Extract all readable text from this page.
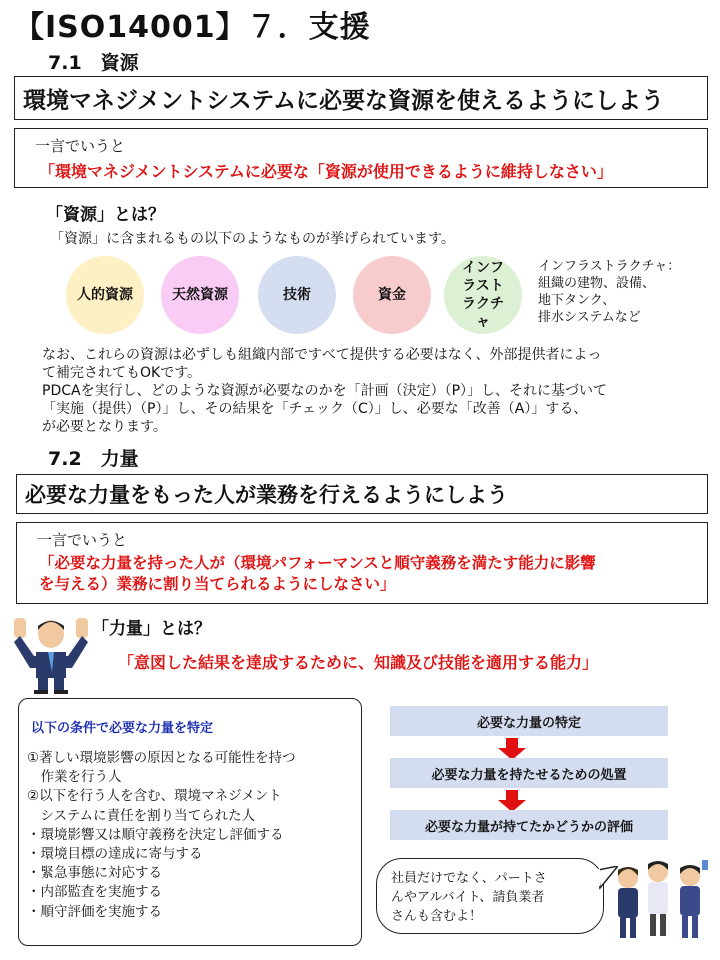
【ISO14001】７．支援
7.1　資源
環境マネジメントシステムに必要な資源を使えるようにしよう
一言でいうと
「環境マネジメントシステムに必要な「資源が使用できるように維持しなさい」
「資源」とは？
「資源」に含まれるもの以下のようなものが挙げられています。
人的資源	天然資源	技術	資金
インフラストラクチャ
インフラストラクチャ：
組織の建物、設備、
地下タンク、
排水システムなど
なお、これらの資源は必ずしも組織内部ですべて提供する必要はなく、外部提供者によっ
て補完されてもOKです。
PDCAを実行し、どのような資源が必要なのかを「計画（決定）（P）」し、それに基づいて
「実施（提供）（P）」し、その結果を「チェック（C）」し、必要な「改善（A）」する、
が必要となります。
7.2　力量
必要な力量をもった人が業務を行えるようにしよう
一言でいうと
「必要な力量を持った人が（環境パフォーマンスと順守義務を満たす能力に影響
を与える）業務に割り当てられるようにしなさい」
「力量」とは？
「意図した結果を達成するために、知識及び技能を適用する能力」
以下の条件で必要な力量を特定
①著しい環境影響の原因となる可能性を持つ
　作業を行う人
②以下を行う人を含む、環境マネジメント
　システムに責任を割り当てられた人
・環境影響又は順守義務を決定し評価する
・環境目標の達成に寄与する
・緊急事態に対応する
・内部監査を実施する
・順守評価を実施する
必要な力量の特定
必要な力量を持たせるための処置
必要な力量が持てたかどうかの評価
社員だけでなく、パートさ
んやアルバイト、請負業者
さんも含むよ！
